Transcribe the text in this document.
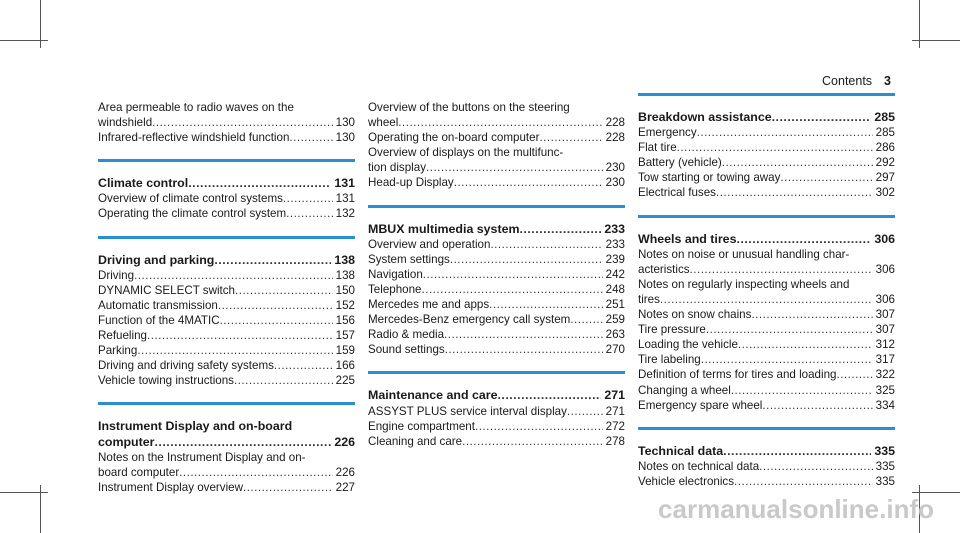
Contents 3
Area permeable to radio waves on the
windshield .....	130
Infrared-reflective windshield function .....	130
Climate control .....	131
Overview of climate control systems .....	131
Operating the climate control system .....	132
Driving and parking .....	138
Driving .....	138
DYNAMIC SELECT switch .....	150
Automatic transmission .....	152
Function of the 4MATIC .....	156
Refueling .....	157
Parking .....	159
Driving and driving safety systems .....	166
Vehicle towing instructions .....	225
Instrument Display and on-board
computer .....	226
Notes on the Instrument Display and on-
board computer .....	226
Instrument Display overview .....	227
Overview of the buttons on the steering
wheel .....	228
Operating the on-board computer .....	228
Overview of displays on the multifunc-
tion display .....	230
Head-up Display .....	230
MBUX multimedia system .....	233
Overview and operation .....	233
System settings .....	239
Navigation .....	242
Telephone .....	248
Mercedes me and apps .....	251
Mercedes-Benz emergency call system .....	259
Radio & media .....	263
Sound settings .....	270
Maintenance and care .....	271
ASSYST PLUS service interval display .....	271
Engine compartment .....	272
Cleaning and care .....	278
Breakdown assistance .....	285
Emergency .....	285
Flat tire .....	286
Battery (vehicle) .....	292
Tow starting or towing away .....	297
Electrical fuses .....	302
Wheels and tires .....	306
Notes on noise or unusual handling char-
acteristics .....	306
Notes on regularly inspecting wheels and
tires .....	306
Notes on snow chains .....	307
Tire pressure .....	307
Loading the vehicle .....	312
Tire labeling .....	317
Definition of terms for tires and loading .....	322
Changing a wheel .....	325
Emergency spare wheel .....	334
Technical data .....	335
Notes on technical data .....	335
Vehicle electronics .....	335
carmanualsonline.info
